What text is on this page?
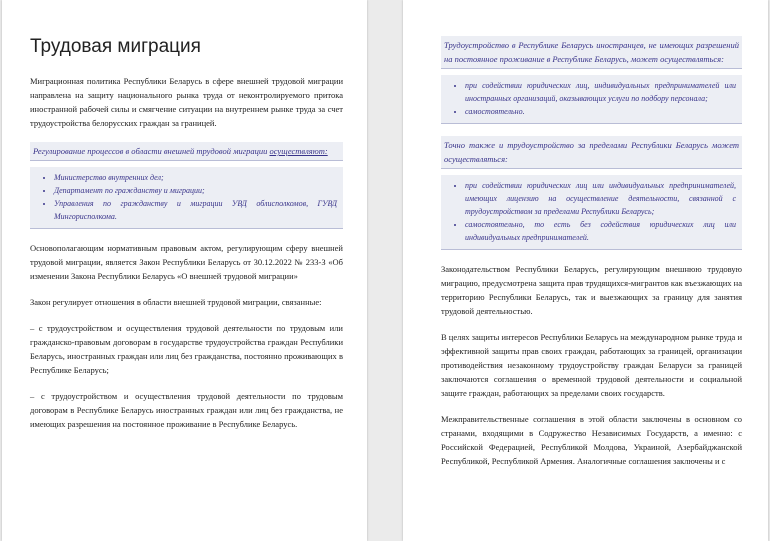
Трудовая миграция

Миграционная политика Республики Беларусь в сфере внешней трудовой миграции направлена на защиту национального рынка труда от неконтролируемого притока иностранной рабочей силы и смягчение ситуации на внутреннем рынке труда за счет трудоустройства белорусских граждан за границей.

Регулирование процессов в области внешней трудовой миграции осуществляют:
• Министерство внутренних дел;
• Департамент по гражданству и миграции;
• Управления по гражданству и миграции УВД облисполкомов, ГУВД Мингорисполкома.

Основополагающим нормативным правовым актом, регулирующим сферу внешней трудовой миграции, является Закон Республики Беларусь от 30.12.2022 № 233-З «Об изменении Закона Республики Беларусь «О внешней трудовой миграции»

Закон регулирует отношения в области внешней трудовой миграции, связанные:

– с трудоустройством и осуществления трудовой деятельности по трудовым или гражданско-правовым договорам в государстве трудоустройства граждан Республики Беларусь, иностранных граждан или лиц без гражданства, постоянно проживающих в Республике Беларусь;

– с трудоустройством и осуществления трудовой деятельности по трудовым договорам в Республике Беларусь иностранных граждан или лиц без гражданства, не имеющих разрешения на постоянное проживание в Республике Беларусь.

Трудоустройство в Республике Беларусь иностранцев, не имеющих разрешений на постоянное проживание в Республике Беларусь, может осуществляться:
• при содействии юридических лиц, индивидуальных предпринимателей или иностранных организаций, оказывающих услуги по подбору персонала;
• самостоятельно.
Точно также и трудоустройство за пределами Республики Беларусь может осуществляться:
• при содействии юридических лиц или индивидуальных предпринимателей, имеющих лицензию на осуществление деятельности, связанной с трудоустройством за пределами Республики Беларусь;
• самостоятельно, то есть без содействия юридических лиц или индивидуальных предпринимателей.

Законодательством Республики Беларусь, регулирующим внешнюю трудовую миграцию, предусмотрена защита прав трудящихся-мигрантов как въезжающих на территорию Республики Беларусь, так и выезжающих за границу для занятия трудовой деятельностью.

В целях защиты интересов Республики Беларусь на международном рынке труда и эффективной защиты прав своих граждан, работающих за границей, организации противодействия незаконному трудоустройству граждан Беларуси за границей заключаются соглашения о временной трудовой деятельности и социальной защите граждан, работающих за пределами своих государств.

Межправительственные соглашения в этой области заключены в основном со странами, входящими в Содружество Независимых Государств, а именно: с Российской Федерацией, Республикой Молдова, Украиной, Азербайджанской Республикой, Республикой Армения. Аналогичные соглашения заключены и с
